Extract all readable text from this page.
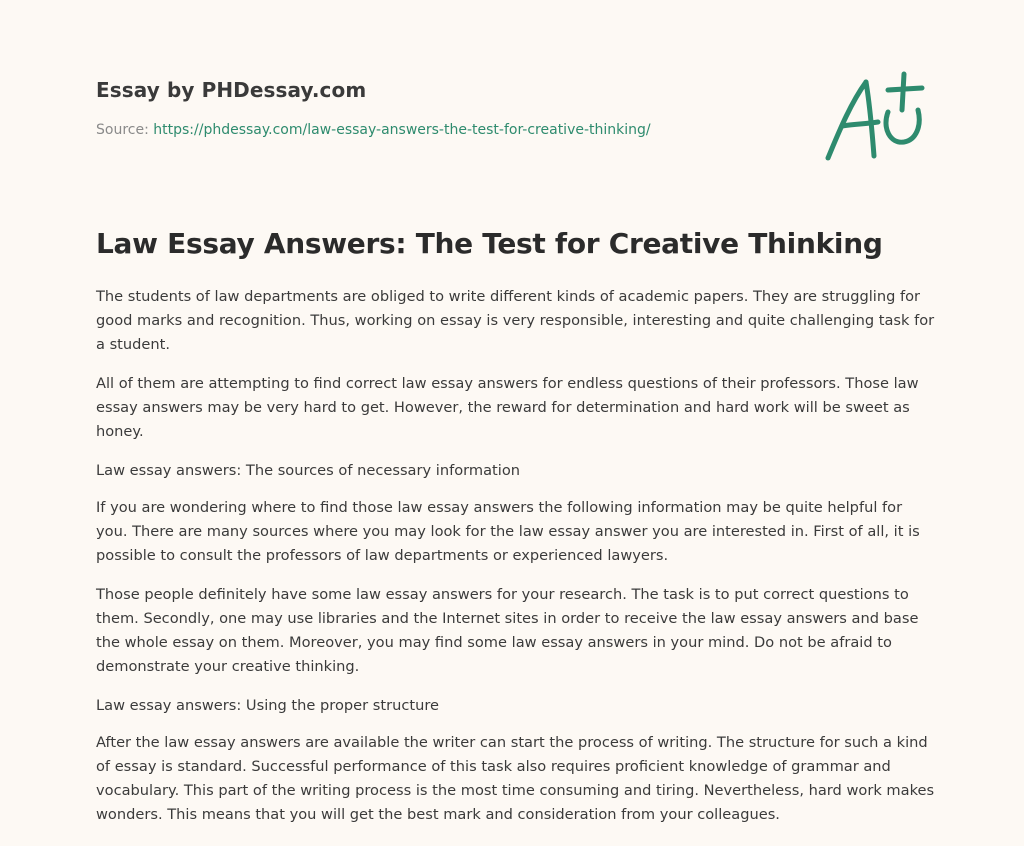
Essay by PHDessay.com

Source: https://phdessay.com/law-essay-answers-the-test-for-creative-thinking/
Law Essay Answers: The Test for Creative Thinking

The students of law departments are obliged to write different kinds of academic papers. They are struggling for good marks and recognition. Thus, working on essay is very responsible, interesting and quite challenging task for a student.

All of them are attempting to find correct law essay answers for endless questions of their professors. Those law essay answers may be very hard to get. However, the reward for determination and hard work will be sweet as honey.

Law essay answers: The sources of necessary information

If you are wondering where to find those law essay answers the following information may be quite helpful for you. There are many sources where you may look for the law essay answer you are interested in. First of all, it is possible to consult the professors of law departments or experienced lawyers.

Those people definitely have some law essay answers for your research. The task is to put correct questions to them. Secondly, one may use libraries and the Internet sites in order to receive the law essay answers and base the whole essay on them. Moreover, you may find some law essay answers in your mind. Do not be afraid to demonstrate your creative thinking.

Law essay answers: Using the proper structure

After the law essay answers are available the writer can start the process of writing. The structure for such a kind of essay is standard. Successful performance of this task also requires proficient knowledge of grammar and vocabulary. This part of the writing process is the most time consuming and tiring. Nevertheless, hard work makes wonders. This means that you will get the best mark and consideration from your colleagues.
